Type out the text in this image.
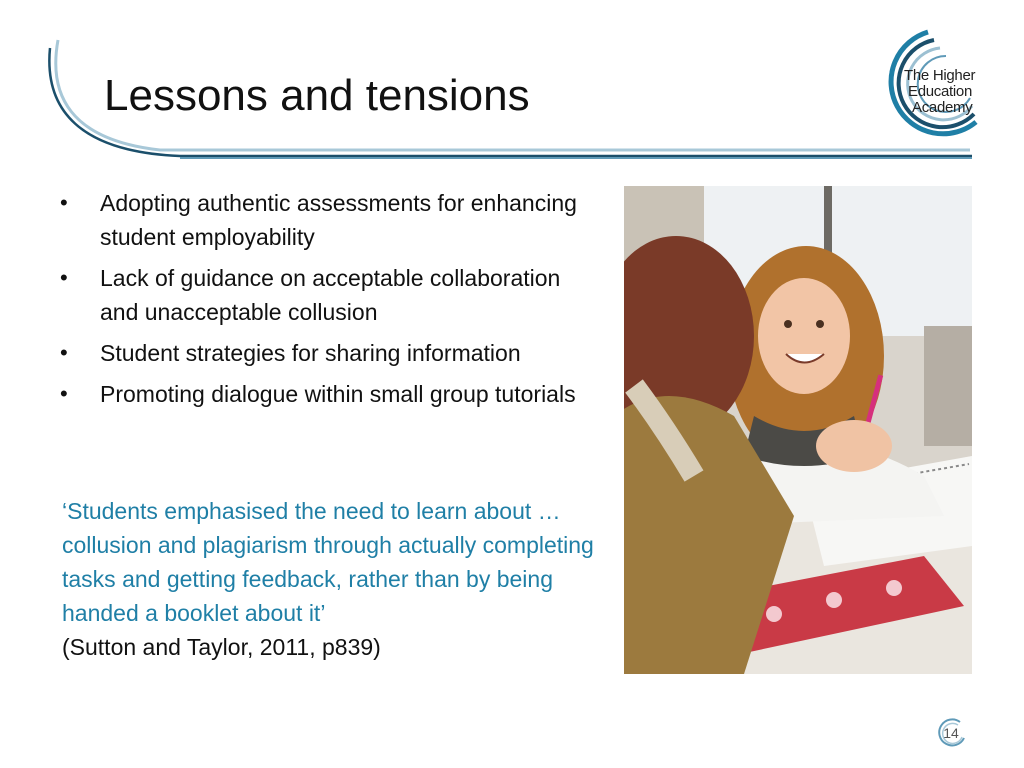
Lessons and tensions	The Higher
Education
Academy
•	Adopting authentic assessments for enhancing student employability
•	Lack of guidance on acceptable collaboration and unacceptable collusion
•	Student strategies for sharing information
•	Promoting dialogue within small group tutorials

‘Students emphasised the need to learn about … collusion and plagiarism through actually completing tasks and getting feedback, rather than by being handed a booklet about it’

(Sutton and Taylor, 2011, p839)

14
